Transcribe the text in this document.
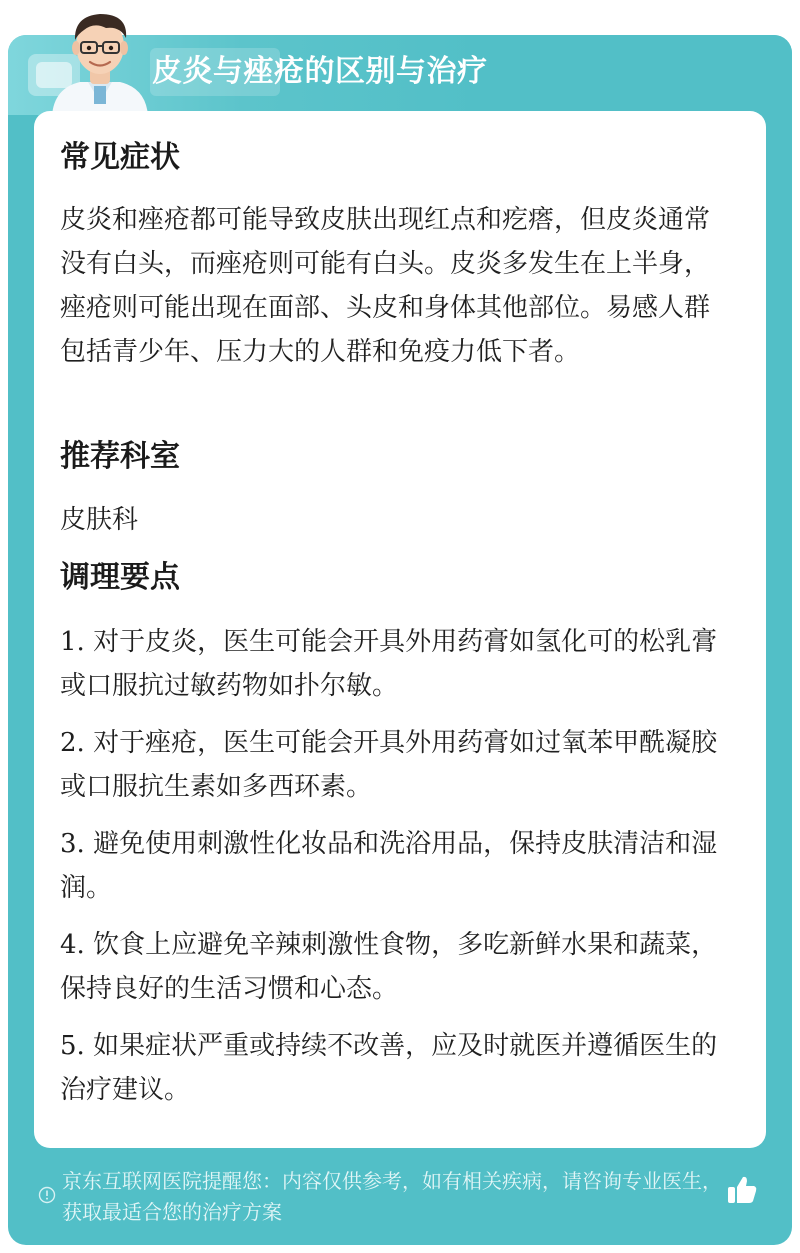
皮炎与痤疮的区别与治疗
常见症状
皮炎和痤疮都可能导致皮肤出现红点和疙瘩，但皮炎通常没有白头，而痤疮则可能有白头。皮炎多发生在上半身，痤疮则可能出现在面部、头皮和身体其他部位。易感人群包括青少年、压力大的人群和免疫力低下者。
推荐科室
皮肤科
调理要点
1. 对于皮炎，医生可能会开具外用药膏如氢化可的松乳膏或口服抗过敏药物如扑尔敏。
2. 对于痤疮，医生可能会开具外用药膏如过氧苯甲酰凝胶或口服抗生素如多西环素。
3. 避免使用刺激性化妆品和洗浴用品，保持皮肤清洁和湿润。
4. 饮食上应避免辛辣刺激性食物，多吃新鲜水果和蔬菜，保持良好的生活习惯和心态。
5. 如果症状严重或持续不改善，应及时就医并遵循医生的治疗建议。
京东互联网医院提醒您：内容仅供参考，如有相关疾病，请咨询专业医生，获取最适合您的治疗方案
